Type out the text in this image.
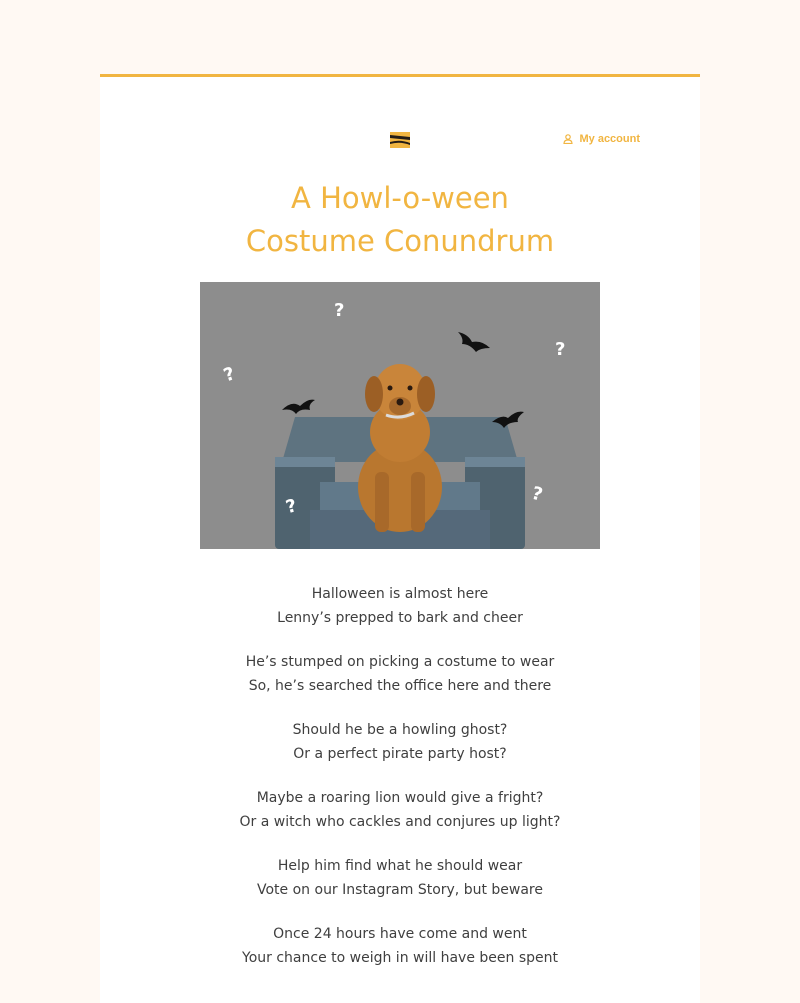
My account
A Howl-o-ween
Costume Conundrum
?
?
?
?
?

Halloween is almost here
Lenny’s prepped to bark and cheer

He’s stumped on picking a costume to wear
So, he’s searched the office here and there

Should he be a howling ghost?
Or a perfect pirate party host?

Maybe a roaring lion would give a fright?
Or a witch who cackles and conjures up light?

Help him find what he should wear
Vote on our Instagram Story, but beware

Once 24 hours have come and went
Your chance to weigh in will have been spent
